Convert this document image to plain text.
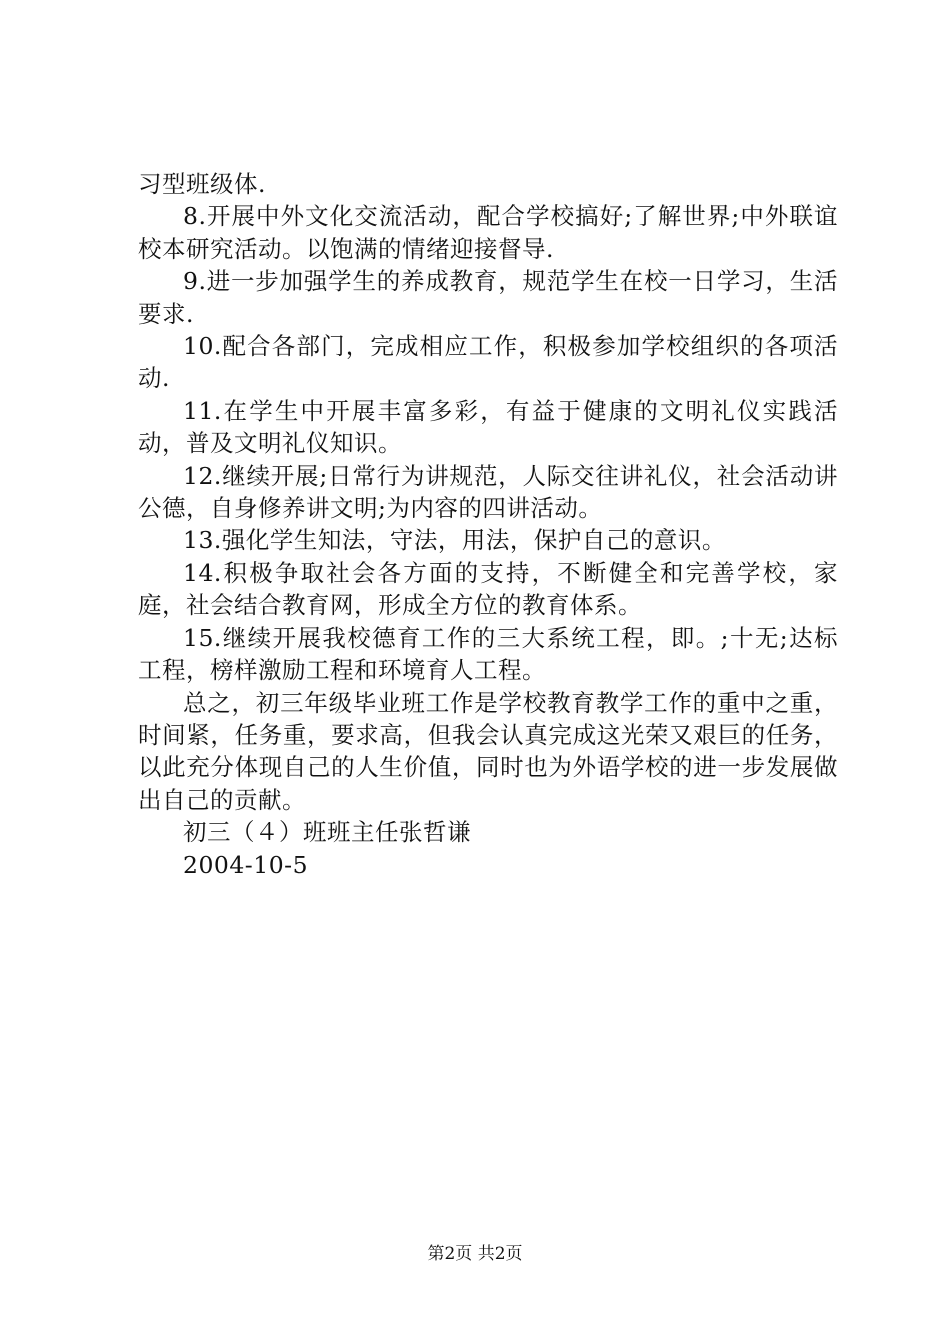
习型班级体.

8.开展中外文化交流活动，配合学校搞好;了解世界;中外联谊校本研究活动。以饱满的情绪迎接督导.

9.进一步加强学生的养成教育，规范学生在校一日学习，生活要求.

10.配合各部门，完成相应工作，积极参加学校组织的各项活动.

11.在学生中开展丰富多彩，有益于健康的文明礼仪实践活动，普及文明礼仪知识。

12.继续开展;日常行为讲规范，人际交往讲礼仪，社会活动讲公德，自身修养讲文明;为内容的四讲活动。

13.强化学生知法，守法，用法，保护自己的意识。

14.积极争取社会各方面的支持，不断健全和完善学校，家庭，社会结合教育网，形成全方位的教育体系。

15.继续开展我校德育工作的三大系统工程，即。;十无;达标工程，榜样激励工程和环境育人工程。

总之，初三年级毕业班工作是学校教育教学工作的重中之重，时间紧，任务重，要求高，但我会认真完成这光荣又艰巨的任务，以此充分体现自己的人生价值，同时也为外语学校的进一步发展做出自己的贡献。

初三（４）班班主任张哲谦

2004-10-5

第2页 共2页
